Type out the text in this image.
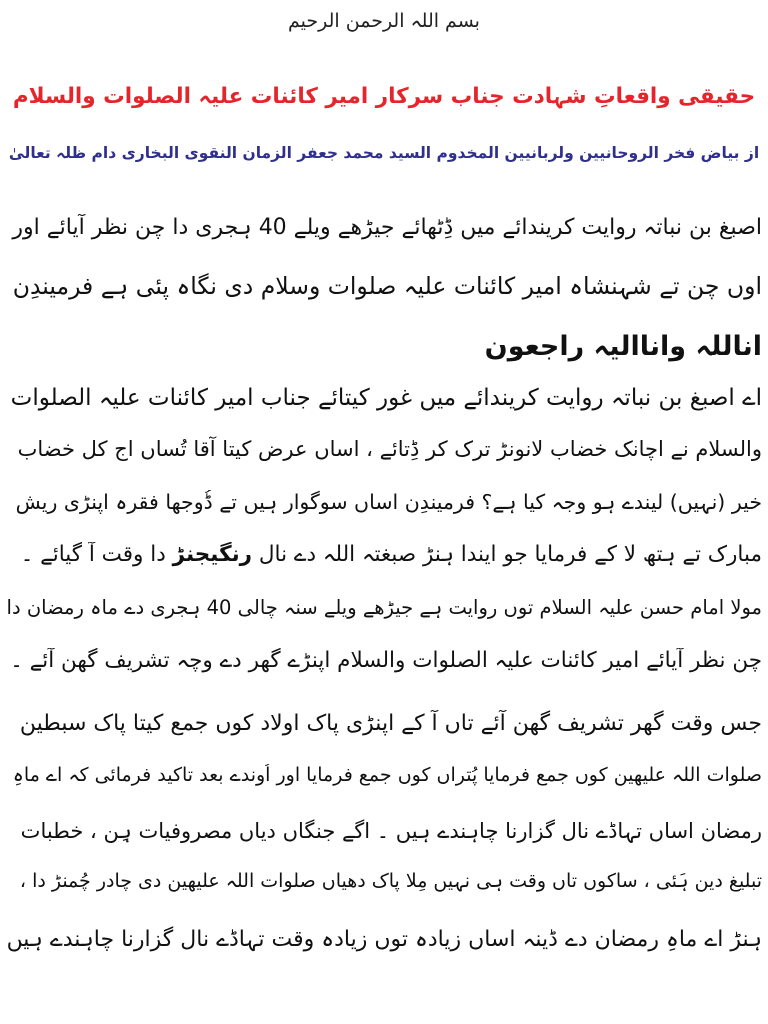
بسم اللہ الرحمن الرحیم
حقیقی واقعاتِ شہادت جناب سرکار امیر کائنات علیہ الصلوات والسلام
از بیاضِ فخر الروحانیین ولربانیین المخدوم السید محمد جعفر الزمان النقوی البخاری دام ظلہ تعالیٰ
اصبغ بن نباتہ روایت کریندائے میں ڈِٹھائے جیڑھے ویلے 40 ہجری دا چن نظر آیائے اور
اوں چن تے شہنشاہ امیر کائنات علیہ صلوات وسلام دی نگاہ پئی ہے فرمیندِن
اناللہ واناالیہ راجعون
اے اصبغ بن نباتہ روایت کریندائے میں غور کیتائے جناب امیر کائنات علیہ الصلوات
والسلام نے اچانک خضاب لانونڑ ترک کر ڈِتائے ، اساں عرض کیتا آقا تُساں اج کل خضاب
خیر (نہیں) لیندے ہو وجہ کیا ہے؟ فرمیندِن اساں سوگوار ہیں تے ڈُوجھا فقرہ اپنڑی ریش
مبارک تے ہتھ لا کے فرمایا جو ایندا ہنڑ صبغتہ اللہ دے نال رنگیجنڑ دا وقت آ گیائے ۔
مولا امام حسن علیہ السلام توں روایت ہے جیڑھے ویلے سنہ چالی 40 ہجری دے ماہ رمضان دا
چن نظر آیائے امیر کائنات علیہ الصلوات والسلام اپنڑے گھر دے وچہ تشریف گھن آئے ۔
جس وقت گھر تشریف گھن آئے تاں آ کے اپنڑی پاک اولاد کوں جمع کیتا پاک سبطین
صلوات اللہ علیھین کوں جمع فرمایا پُتراں کوں جمع فرمایا اور اُوندے بعد تاکید فرمائی کہ اے ماہِ
رمضان اساں تہاڈے نال گزارنا چاہندے ہیں ۔ اگے جنگاں دیاں مصروفیات ہِن ، خطبات
تبلیغ دین ہَئی ، ساکوں تاں وقت ہی نہیں مِلا پاک دھیاں صلوات اللہ علیھین دی چادر چُمنڑ دا ،
ہنڑ اے ماہِ رمضان دے ڈینہ اساں زیادہ توں زیادہ وقت تہاڈے نال گزارنا چاہندے ہیں
